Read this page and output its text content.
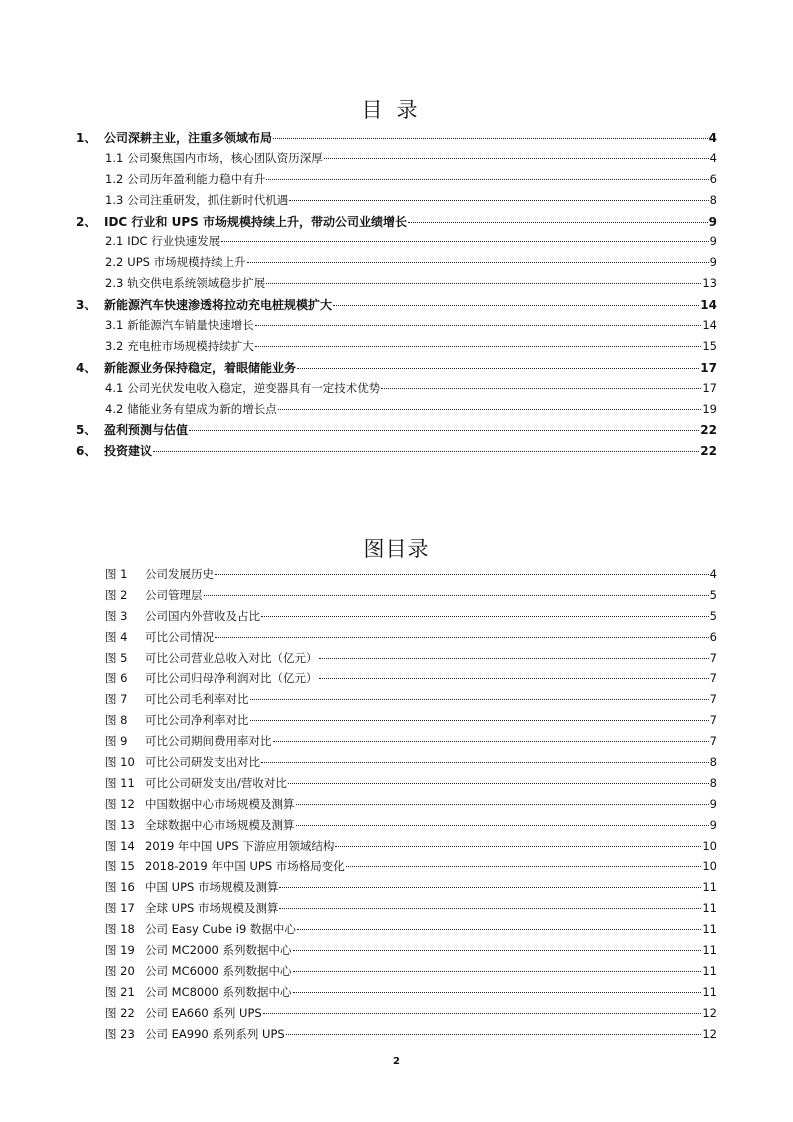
目录
1、 公司深耕主业，注重多领域布局	4
1.1 公司聚焦国内市场，核心团队资历深厚	4
1.2 公司历年盈利能力稳中有升	6
1.3 公司注重研发，抓住新时代机遇	8
2、 IDC 行业和 UPS 市场规模持续上升，带动公司业绩增长	9
2.1 IDC 行业快速发展	9
2.2 UPS 市场规模持续上升	9
2.3 轨交供电系统领域稳步扩展	13
3、 新能源汽车快速渗透将拉动充电桩规模扩大	14
3.1 新能源汽车销量快速增长	14
3.2 充电桩市场规模持续扩大	15
4、 新能源业务保持稳定，着眼储能业务	17
4.1 公司光伏发电收入稳定，逆变器具有一定技术优势	17
4.2 储能业务有望成为新的增长点	19
5、 盈利预测与估值	22
6、 投资建议	22
图目录
图 1	公司发展历史	4
图 2	公司管理层	5
图 3	公司国内外营收及占比	5
图 4	可比公司情况	6
图 5	可比公司营业总收入对比（亿元）	7
图 6	可比公司归母净利润对比（亿元）	7
图 7	可比公司毛利率对比	7
图 8	可比公司净利率对比	7
图 9	可比公司期间费用率对比	7
图 10 可比公司研发支出对比	8
图 11 可比公司研发支出/营收对比	8
图 12 中国数据中心市场规模及测算	9
图 13 全球数据中心市场规模及测算	9
图 14 2019 年中国 UPS 下游应用领域结构	10
图 15 2018-2019 年中国 UPS 市场格局变化	10
图 16 中国 UPS 市场规模及测算	11
图 17 全球 UPS 市场规模及测算	11
图 18 公司 Easy Cube i9 数据中心	11
图 19 公司 MC2000 系列数据中心	11
图 20 公司 MC6000 系列数据中心	11
图 21 公司 MC8000 系列数据中心	11
图 22 公司 EA660 系列 UPS	12
图 23 公司 EA990 系列系列 UPS	12
2
